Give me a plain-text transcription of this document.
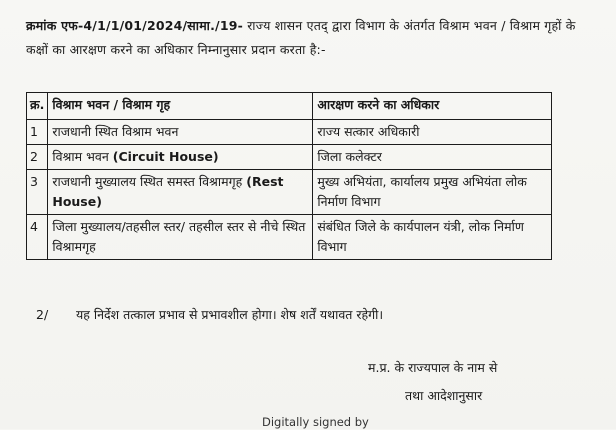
क्रमांक एफ-4/1/1/01/2024/सामा./19- राज्य शासन एतद् द्वारा विभाग के अंतर्गत विश्राम भवन / विश्राम गृहों के कक्षों का आरक्षण करने का अधिकार निम्नानुसार प्रदान करता है:-
क्र.	विश्राम भवन / विश्राम गृह	आरक्षण करने का अधिकार
1	राजधानी स्थित विश्राम भवन	राज्य सत्कार अधिकारी
2	विश्राम भवन (Circuit House)	जिला कलेक्टर
3	राजधानी मुख्यालय स्थित समस्त विश्रामगृह (Rest House)	मुख्य अभियंता, कार्यालय प्रमुख अभियंता लोक निर्माण विभाग
4	जिला मुख्यालय/तहसील स्तर/ तहसील स्तर से नीचे स्थित विश्रामगृह	संबंधित जिले के कार्यपालन यंत्री, लोक निर्माण विभाग
2/ यह निर्देश तत्काल प्रभाव से प्रभावशील होगा। शेष शर्तें यथावत रहेगी।
म.प्र. के राज्यपाल के नाम से
तथा आदेशानुसार
Digitally signed by
